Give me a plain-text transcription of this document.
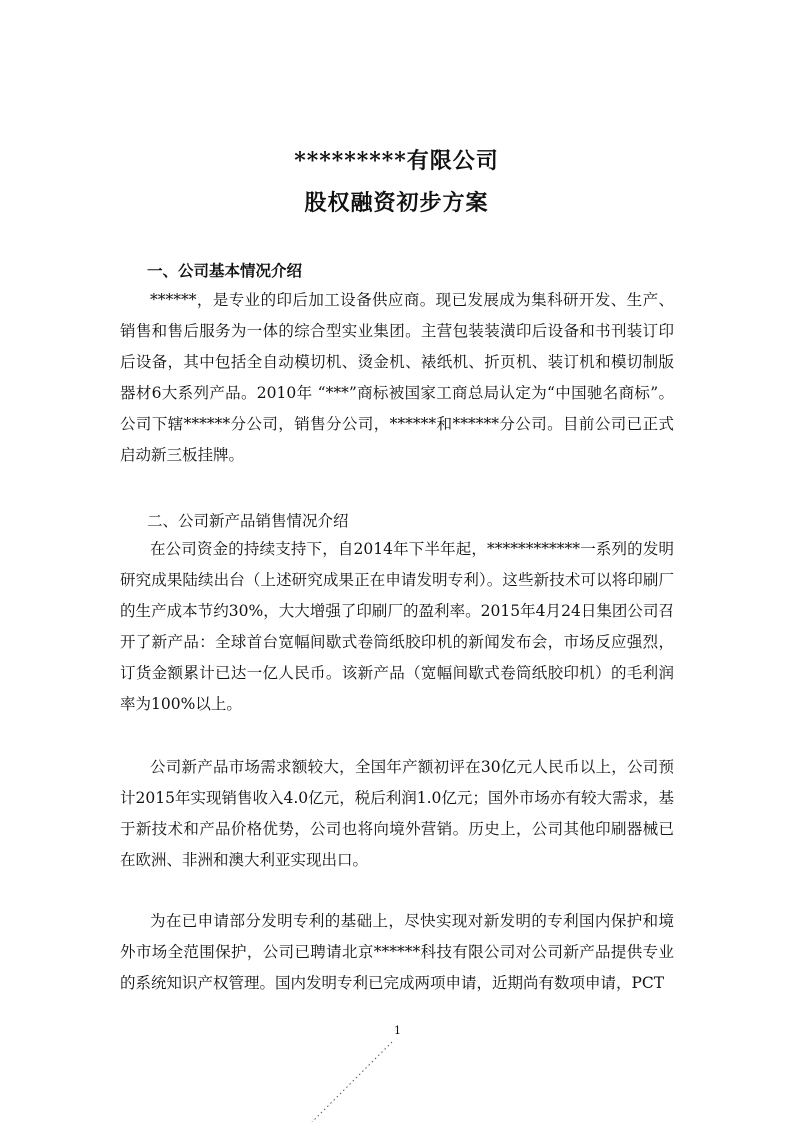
*********有限公司
股权融资初步方案
一、公司基本情况介绍

******，是专业的印后加工设备供应商。现已发展成为集科研开发、生产、销售和售后服务为一体的综合型实业集团。主营包装装潢印后设备和书刊装订印后设备，其中包括全自动模切机、烫金机、裱纸机、折页机、装订机和模切制版器材6大系列产品。2010年 “***”商标被国家工商总局认定为“中国驰名商标”。公司下辖******分公司，销售分公司，******和******分公司。目前公司已正式启动新三板挂牌。

二、公司新产品销售情况介绍

在公司资金的持续支持下，自2014年下半年起，************一系列的发明研究成果陆续出台（上述研究成果正在申请发明专利）。这些新技术可以将印刷厂的生产成本节约30%，大大增强了印刷厂的盈利率。2015年4月24日集团公司召开了新产品：全球首台宽幅间歇式卷筒纸胶印机的新闻发布会，市场反应强烈，订货金额累计已达一亿人民币。该新产品（宽幅间歇式卷筒纸胶印机）的毛利润率为100%以上。

公司新产品市场需求额较大，全国年产额初评在30亿元人民币以上，公司预计2015年实现销售收入4.0亿元，税后利润1.0亿元；国外市场亦有较大需求，基于新技术和产品价格优势，公司也将向境外营销。历史上，公司其他印刷器械已在欧洲、非洲和澳大利亚实现出口。

为在已申请部分发明专利的基础上，尽快实现对新发明的专利国内保护和境外市场全范围保护，公司已聘请北京******科技有限公司对公司新产品提供专业的系统知识产权管理。国内发明专利已完成两项申请，近期尚有数项申请，PCT

1
